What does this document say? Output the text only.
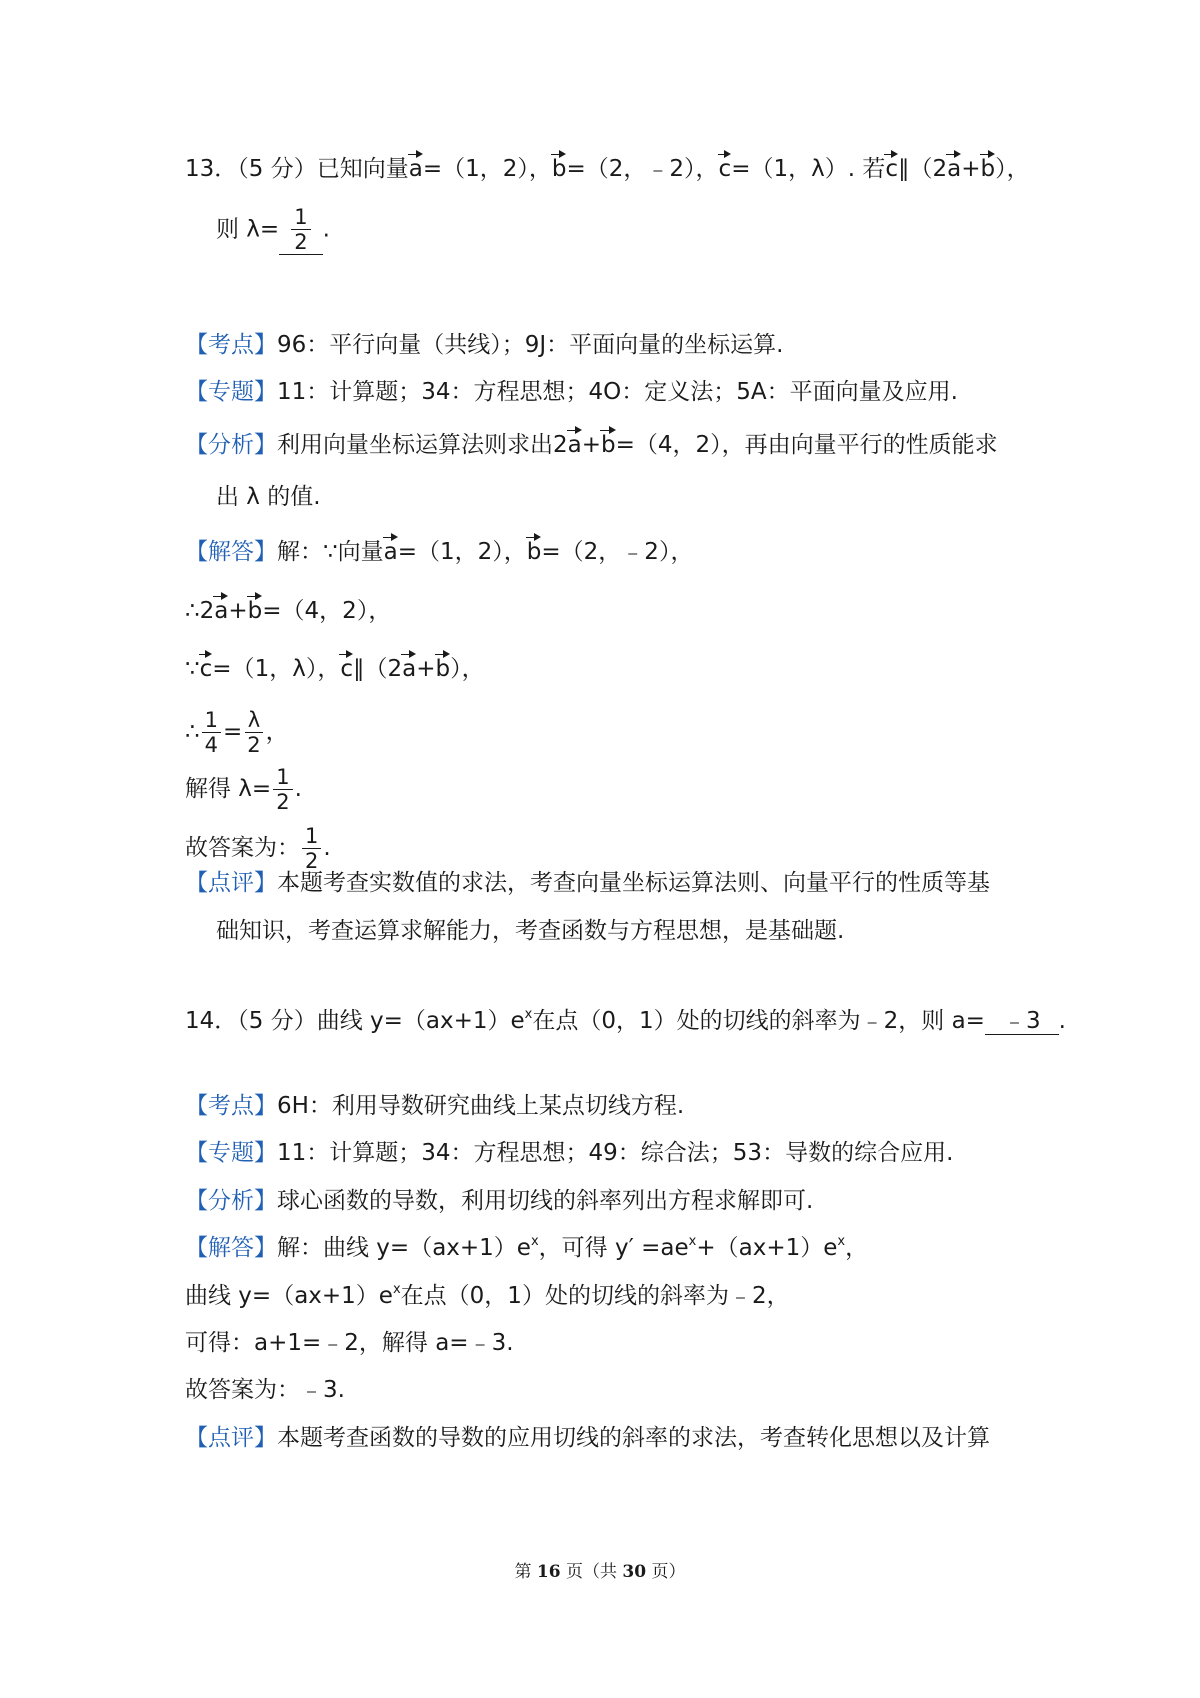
13．（5 分）已知向量a=（1，2），b=（2，﹣2），c=（1，λ）. 若c∥（2a+b），
则 $\lambda= \frac{1}{2}$ .
【考点】96：平行向量（共线）；9J：平面向量的坐标运算.
【专题】11：计算题；34：方程思想；4O：定义法；5A：平面向量及应用.
【分析】利用向量坐标运算法则求出2a+b=（4，2），再由向量平行的性质能求
出 λ 的值.
【解答】解：∵向量a=（1，2），b=（2，﹣2），
∴2a+b=（4，2），
∵c=（1，λ），c∥（2a+b），
∴ $\frac{1}{4} = \frac{\lambda}{2}$ ，
解得 $\lambda= \frac{1}{2}$ .
故答案为： $\frac{1}{2}$ .
【点评】本题考查实数值的求法，考查向量坐标运算法则、向量平行的性质等基
础知识，考查运算求解能力，考查函数与方程思想，是基础题.
14．（5 分）曲线 $y=(ax+1)e^x$在点（0，1）处的切线的斜率为﹣2，则 a= ﹣3 .
【考点】6H：利用导数研究曲线上某点切线方程.
【专题】11：计算题；34：方程思想；49：综合法；53：导数的综合应用.
【分析】球心函数的导数，利用切线的斜率列出方程求解即可.
【解答】解：曲线 $y=(ax+1)e^x$，可得 $y' =ae^x+(ax+1)e^x$，
曲线 $y=(ax+1)e^x$在点（0，1）处的切线的斜率为﹣2，
可得：a+1=﹣2，解得 a=﹣3.
故答案为：﹣3.
【点评】本题考查函数的导数的应用切线的斜率的求法，考查转化思想以及计算
第 16 页（共 30 页）
